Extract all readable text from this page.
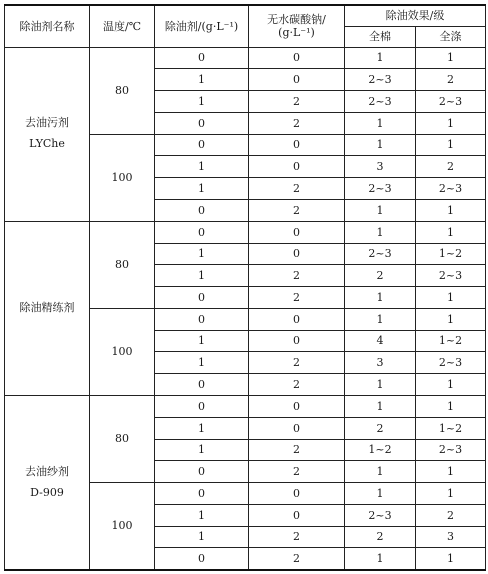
除油剂名称	温度/℃	除油剂/(g·L⁻¹)	无水碳酸钠/
(g·L⁻¹)	除油效果/级	
				全棉	全涤

去油污剂
LYChe	80	0	0	1	1
		1	0	2~3	2
		1	2	2~3	2~3
		0	2	1	1
	100	0	0	1	1
		1	0	3	2
		1	2	2~3	2~3
		0	2	1	1

除油精练剂	80	0	0	1	1
		1	0	2~3	1~2
		1	2	2	2~3
		0	2	1	1
	100	0	0	1	1
		1	0	4	1~2
		1	2	3	2~3
		0	2	1	1

去油纱剂
D-909	80	0	0	1	1
		1	0	2	1~2
		1	2	1~2	2~3
		0	2	1	1
	100	0	0	1	1
		1	0	2~3	2
		1	2	2	3
		0	2	1	1
